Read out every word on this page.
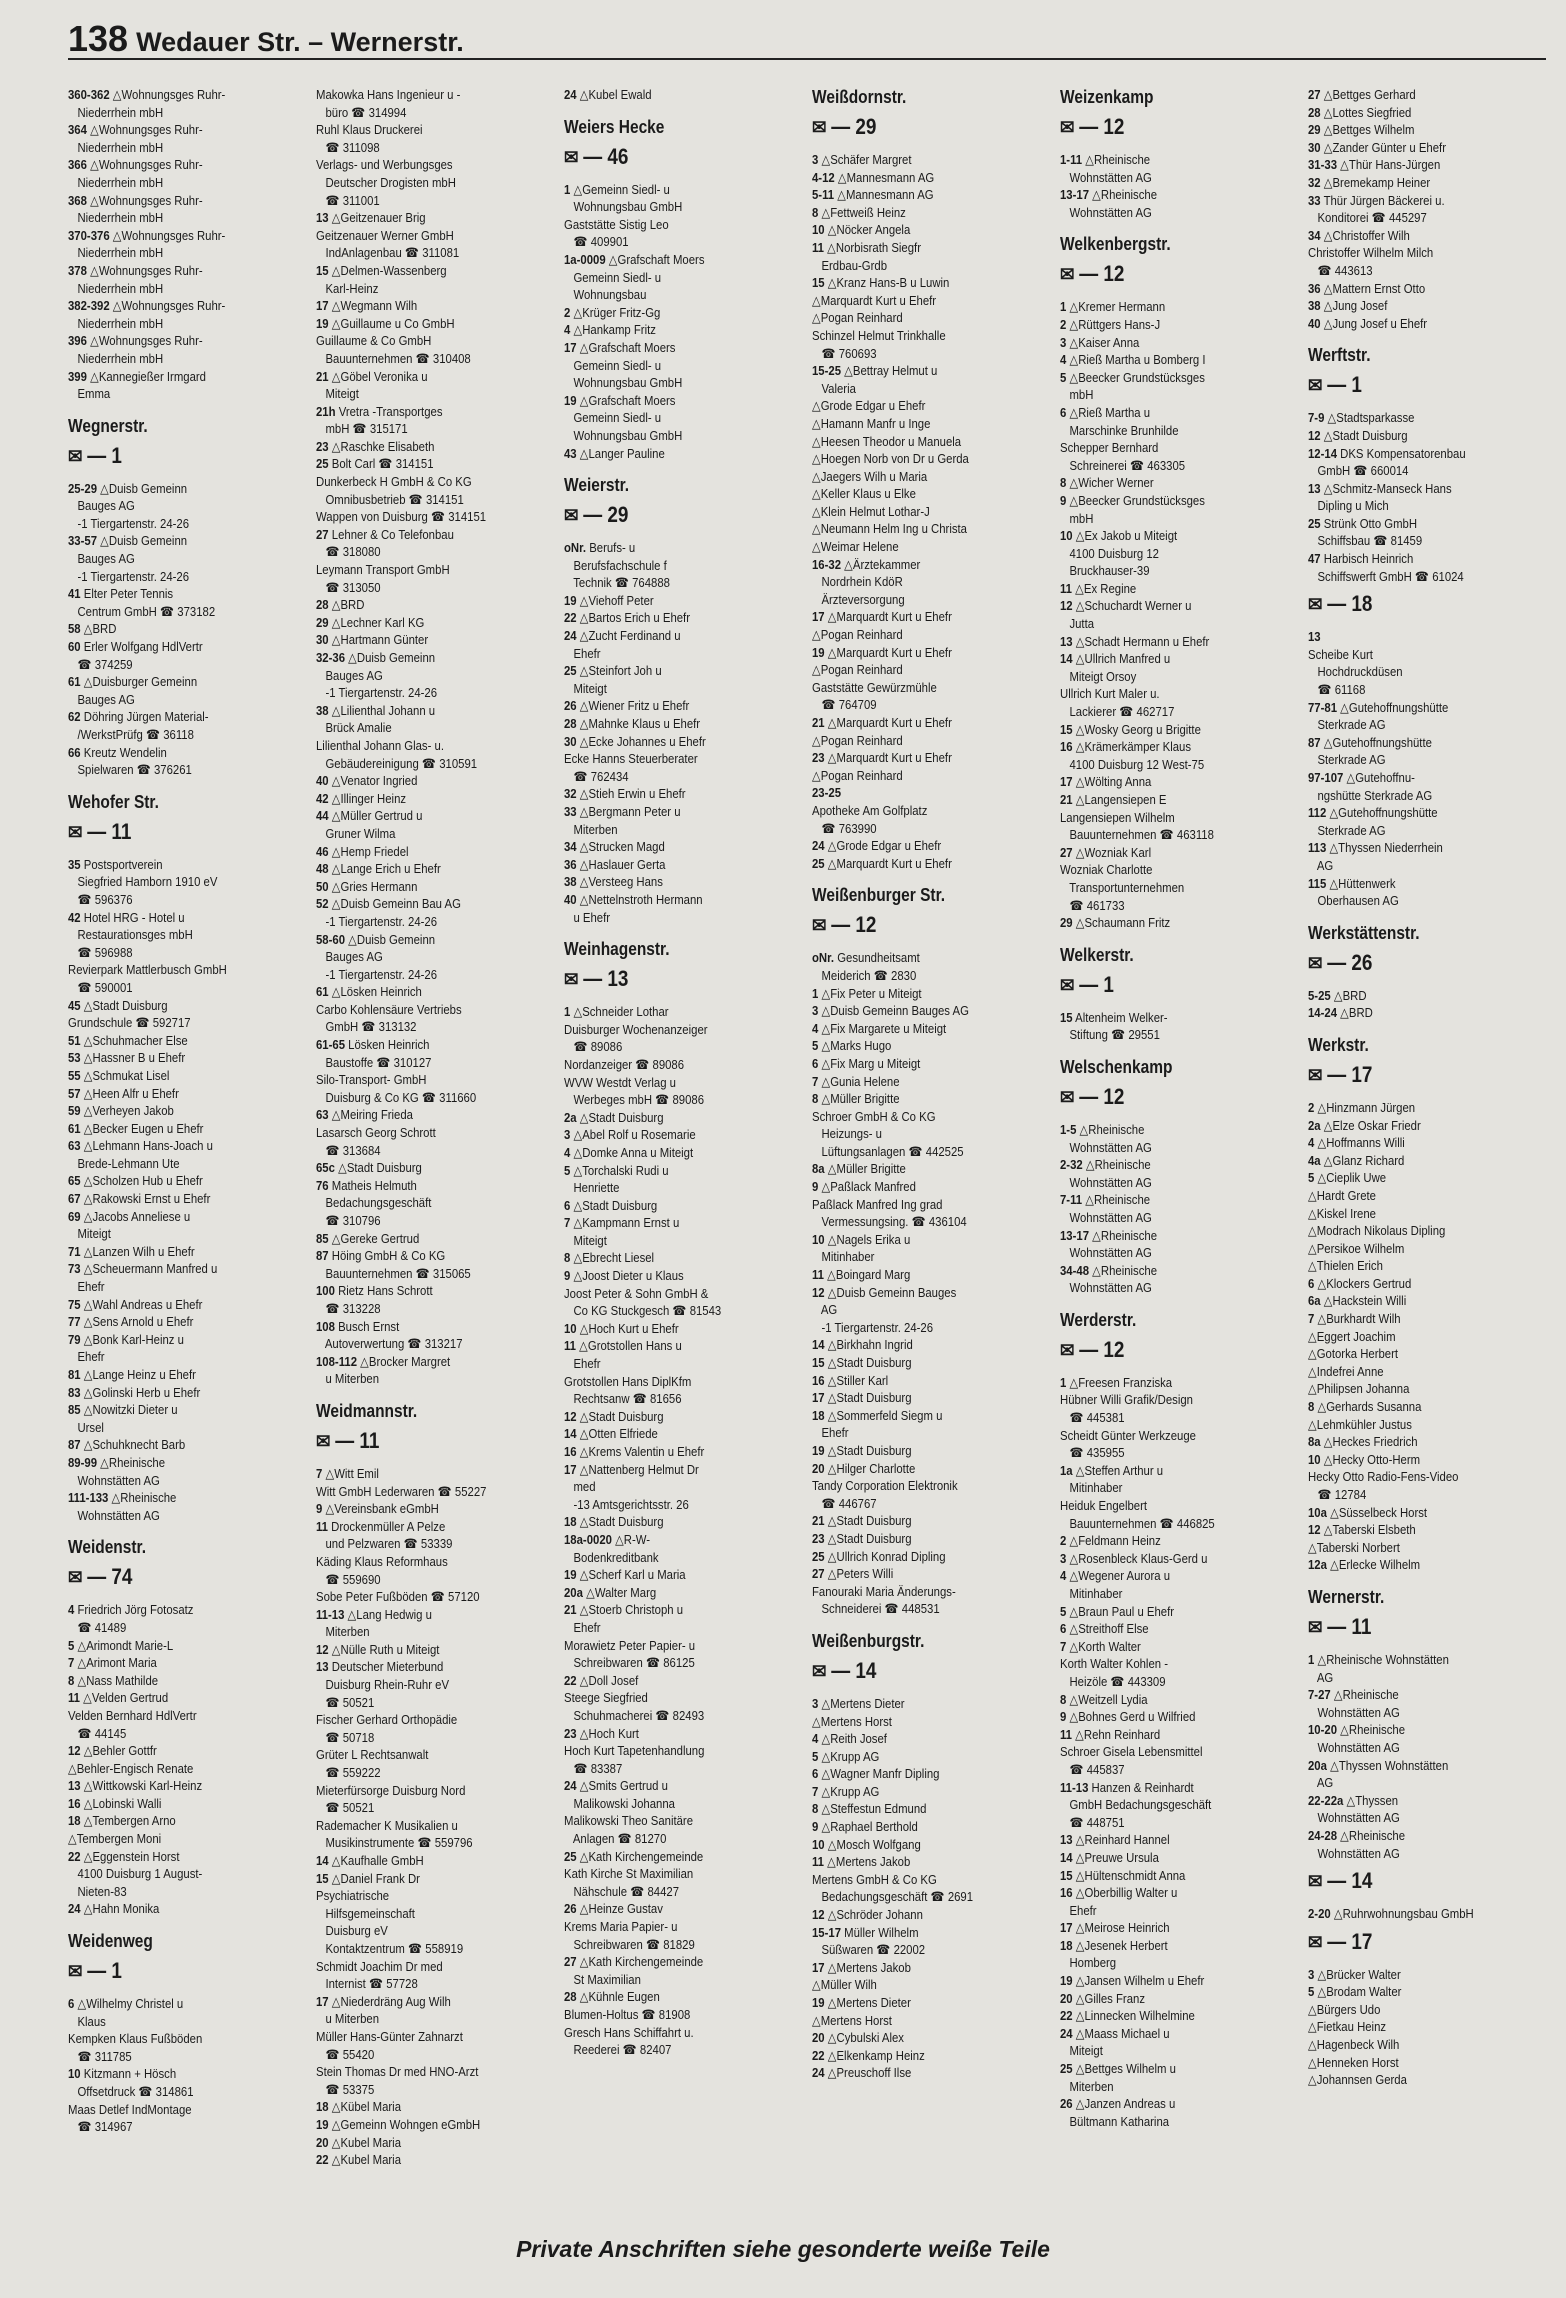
138 Wedauer Str. – Wernerstr.
360-362 △Wohnungsges Ruhr-
Niederrhein mbH
364 △Wohnungsges Ruhr-
Niederrhein mbH
366 △Wohnungsges Ruhr-
Niederrhein mbH
368 △Wohnungsges Ruhr-
Niederrhein mbH
370-376 △Wohnungsges Ruhr-
Niederrhein mbH
378 △Wohnungsges Ruhr-
Niederrhein mbH
382-392 △Wohnungsges Ruhr-
Niederrhein mbH
396 △Wohnungsges Ruhr-
Niederrhein mbH
399 △Kannegießer Irmgard
Emma
Wegnerstr.
✉ — 1
25-29 △Duisb Gemeinn
Bauges AG
-1 Tiergartenstr. 24-26
33-57 △Duisb Gemeinn
Bauges AG
-1 Tiergartenstr. 24-26
41 Elter Peter Tennis
Centrum GmbH ☎ 373182
58 △BRD
60 Erler Wolfgang HdlVertr
☎ 374259
61 △Duisburger Gemeinn
Bauges AG
62 Döhring Jürgen Material-
/WerkstPrüfg ☎ 36118
66 Kreutz Wendelin
Spielwaren ☎ 376261
Wehofer Str.
✉ — 11
35 Postsportverein
Siegfried Hamborn 1910 eV
☎ 596376
42 Hotel HRG - Hotel u
Restaurationsges mbH
☎ 596988
Revierpark Mattlerbusch GmbH
☎ 590001
45 △Stadt Duisburg
Grundschule ☎ 592717
51 △Schuhmacher Else
53 △Hassner B u Ehefr
55 △Schmukat Lisel
57 △Heen Alfr u Ehefr
59 △Verheyen Jakob
61 △Becker Eugen u Ehefr
63 △Lehmann Hans-Joach u
Brede-Lehmann Ute
65 △Scholzen Hub u Ehefr
67 △Rakowski Ernst u Ehefr
69 △Jacobs Anneliese u
Miteigt
71 △Lanzen Wilh u Ehefr
73 △Scheuermann Manfred u
Ehefr
75 △Wahl Andreas u Ehefr
77 △Sens Arnold u Ehefr
79 △Bonk Karl-Heinz u
Ehefr
81 △Lange Heinz u Ehefr
83 △Golinski Herb u Ehefr
85 △Nowitzki Dieter u
Ursel
87 △Schuhknecht Barb
89-99 △Rheinische
Wohnstätten AG
111-133 △Rheinische
Wohnstätten AG
Weidenstr.
✉ — 74
4 Friedrich Jörg Fotosatz
☎ 41489
5 △Arimondt Marie-L
7 △Arimont Maria
8 △Nass Mathilde
11 △Velden Gertrud
Velden Bernhard HdlVertr
☎ 44145
12 △Behler Gottfr
△Behler-Engisch Renate
13 △Wittkowski Karl-Heinz
16 △Lobinski Walli
18 △Tembergen Arno
△Tembergen Moni
22 △Eggenstein Horst
4100 Duisburg 1 August-
Nieten-83
24 △Hahn Monika
Weidenweg
✉ — 1
6 △Wilhelmy Christel u
Klaus
Kempken Klaus Fußböden
☎ 311785
10 Kitzmann + Hösch
Offsetdruck ☎ 314861
Maas Detlef IndMontage
☎ 314967
Makowka Hans Ingenieur u -
büro ☎ 314994
Ruhl Klaus Druckerei
☎ 311098
Verlags- und Werbungsges
Deutscher Drogisten mbH
☎ 311001
13 △Geitzenauer Brig
Geitzenauer Werner GmbH
IndAnlagenbau ☎ 311081
15 △Delmen-Wassenberg
Karl-Heinz
17 △Wegmann Wilh
19 △Guillaume u Co GmbH
Guillaume & Co GmbH
Bauunternehmen ☎ 310408
21 △Göbel Veronika u
Miteigt
21h Vretra -Transportges
mbH ☎ 315171
23 △Raschke Elisabeth
25 Bolt Carl ☎ 314151
Dunkerbeck H GmbH & Co KG
Omnibusbetrieb ☎ 314151
Wappen von Duisburg ☎ 314151
27 Lehner & Co Telefonbau
☎ 318080
Leymann Transport GmbH
☎ 313050
28 △BRD
29 △Lechner Karl KG
30 △Hartmann Günter
32-36 △Duisb Gemeinn
Bauges AG
-1 Tiergartenstr. 24-26
38 △Lilienthal Johann u
Brück Amalie
Lilienthal Johann Glas- u.
Gebäudereinigung ☎ 310591
40 △Venator Ingried
42 △Illinger Heinz
44 △Müller Gertrud u
Gruner Wilma
46 △Hemp Friedel
48 △Lange Erich u Ehefr
50 △Gries Hermann
52 △Duisb Gemeinn Bau AG
-1 Tiergartenstr. 24-26
58-60 △Duisb Gemeinn
Bauges AG
-1 Tiergartenstr. 24-26
61 △Lösken Heinrich
Carbo Kohlensäure Vertriebs
GmbH ☎ 313132
61-65 Lösken Heinrich
Baustoffe ☎ 310127
Silo-Transport- GmbH
Duisburg & Co KG ☎ 311660
63 △Meiring Frieda
Lasarsch Georg Schrott
☎ 313684
65c △Stadt Duisburg
76 Matheis Helmuth
Bedachungsgeschäft
☎ 310796
85 △Gereke Gertrud
87 Höing GmbH & Co KG
Bauunternehmen ☎ 315065
100 Rietz Hans Schrott
☎ 313228
108 Busch Ernst
Autoverwertung ☎ 313217
108-112 △Brocker Margret
u Miterben
Weidmannstr.
✉ — 11
7 △Witt Emil
Witt GmbH Lederwaren ☎ 55227
9 △Vereinsbank eGmbH
11 Drockenmüller A Pelze
und Pelzwaren ☎ 53339
Käding Klaus Reformhaus
☎ 559690
Sobe Peter Fußböden ☎ 57120
11-13 △Lang Hedwig u
Miterben
12 △Nülle Ruth u Miteigt
13 Deutscher Mieterbund
Duisburg Rhein-Ruhr eV
☎ 50521
Fischer Gerhard Orthopädie
☎ 50718
Grüter L Rechtsanwalt
☎ 559222
Mieterfürsorge Duisburg Nord
☎ 50521
Rademacher K Musikalien u
Musikinstrumente ☎ 559796
14 △Kaufhalle GmbH
15 △Daniel Frank Dr
Psychiatrische
Hilfsgemeinschaft
Duisburg eV
Kontaktzentrum ☎ 558919
Schmidt Joachim Dr med
Internist ☎ 57728
17 △Niederdräng Aug Wilh
u Miterben
Müller Hans-Günter Zahnarzt
☎ 55420
Stein Thomas Dr med HNO-Arzt
☎ 53375
18 △Kübel Maria
19 △Gemeinn Wohngen eGmbH
20 △Kubel Maria
22 △Kubel Maria
24 △Kubel Ewald
Weiers Hecke
✉ — 46
1 △Gemeinn Siedl- u
Wohnungsbau GmbH
Gaststätte Sistig Leo
☎ 409901
1a-0009 △Grafschaft Moers
Gemeinn Siedl- u
Wohnungsbau
2 △Krüger Fritz-Gg
4 △Hankamp Fritz
17 △Grafschaft Moers
Gemeinn Siedl- u
Wohnungsbau GmbH
19 △Grafschaft Moers
Gemeinn Siedl- u
Wohnungsbau GmbH
43 △Langer Pauline
Weierstr.
✉ — 29
oNr. Berufs- u
Berufsfachschule f
Technik ☎ 764888
19 △Viehoff Peter
22 △Bartos Erich u Ehefr
24 △Zucht Ferdinand u
Ehefr
25 △Steinfort Joh u
Miteigt
26 △Wiener Fritz u Ehefr
28 △Mahnke Klaus u Ehefr
30 △Ecke Johannes u Ehefr
Ecke Hanns Steuerberater
☎ 762434
32 △Stieh Erwin u Ehefr
33 △Bergmann Peter u
Miterben
34 △Strucken Magd
36 △Haslauer Gerta
38 △Versteeg Hans
40 △Nettelnstroth Hermann
u Ehefr
Weinhagenstr.
✉ — 13
1 △Schneider Lothar
Duisburger Wochenanzeiger
☎ 89086
Nordanzeiger ☎ 89086
WVW Westdt Verlag u
Werbeges mbH ☎ 89086
2a △Stadt Duisburg
3 △Abel Rolf u Rosemarie
4 △Domke Anna u Miteigt
5 △Torchalski Rudi u
Henriette
6 △Stadt Duisburg
7 △Kampmann Ernst u
Miteigt
8 △Ebrecht Liesel
9 △Joost Dieter u Klaus
Joost Peter & Sohn GmbH &
Co KG Stuckgesch ☎ 81543
10 △Hoch Kurt u Ehefr
11 △Grotstollen Hans u
Ehefr
Grotstollen Hans DiplKfm
Rechtsanw ☎ 81656
12 △Stadt Duisburg
14 △Otten Elfriede
16 △Krems Valentin u Ehefr
17 △Nattenberg Helmut Dr
med
-13 Amtsgerichtsstr. 26
18 △Stadt Duisburg
18a-0020 △R-W-
Bodenkreditbank
19 △Scherf Karl u Maria
20a △Walter Marg
21 △Stoerb Christoph u
Ehefr
Morawietz Peter Papier- u
Schreibwaren ☎ 86125
22 △Doll Josef
Steege Siegfried
Schuhmacherei ☎ 82493
23 △Hoch Kurt
Hoch Kurt Tapetenhandlung
☎ 83387
24 △Smits Gertrud u
Malikowski Johanna
Malikowski Theo Sanitäre
Anlagen ☎ 81270
25 △Kath Kirchengemeinde
Kath Kirche St Maximilian
Nähschule ☎ 84427
26 △Heinze Gustav
Krems Maria Papier- u
Schreibwaren ☎ 81829
27 △Kath Kirchengemeinde
St Maximilian
28 △Kühnle Eugen
Blumen-Holtus ☎ 81908
Gresch Hans Schiffahrt u.
Reederei ☎ 82407
Weißdornstr.
✉ — 29
3 △Schäfer Margret
4-12 △Mannesmann AG
5-11 △Mannesmann AG
8 △Fettweiß Heinz
10 △Nöcker Angela
11 △Norbisrath Siegfr
Erdbau-Grdb
15 △Kranz Hans-B u Luwin
△Marquardt Kurt u Ehefr
△Pogan Reinhard
Schinzel Helmut Trinkhalle
☎ 760693
15-25 △Bettray Helmut u
Valeria
△Grode Edgar u Ehefr
△Hamann Manfr u Inge
△Heesen Theodor u Manuela
△Hoegen Norb von Dr u Gerda
△Jaegers Wilh u Maria
△Keller Klaus u Elke
△Klein Helmut Lothar-J
△Neumann Helm Ing u Christa
△Weimar Helene
16-32 △Ärztekammer
Nordrhein KdöR
Ärzteversorgung
17 △Marquardt Kurt u Ehefr
△Pogan Reinhard
19 △Marquardt Kurt u Ehefr
△Pogan Reinhard
Gaststätte Gewürzmühle
☎ 764709
21 △Marquardt Kurt u Ehefr
△Pogan Reinhard
23 △Marquardt Kurt u Ehefr
△Pogan Reinhard
23-25
Apotheke Am Golfplatz
☎ 763990
24 △Grode Edgar u Ehefr
25 △Marquardt Kurt u Ehefr
Weißenburger Str.
✉ — 12
oNr. Gesundheitsamt
Meiderich ☎ 2830
1 △Fix Peter u Miteigt
3 △Duisb Gemeinn Bauges AG
4 △Fix Margarete u Miteigt
5 △Marks Hugo
6 △Fix Marg u Miteigt
7 △Gunia Helene
8 △Müller Brigitte
Schroer GmbH & Co KG
Heizungs- u
Lüftungsanlagen ☎ 442525
8a △Müller Brigitte
9 △Paßlack Manfred
Paßlack Manfred Ing grad
Vermessungsing. ☎ 436104
10 △Nagels Erika u
Mitinhaber
11 △Boingard Marg
12 △Duisb Gemeinn Bauges
AG
-1 Tiergartenstr. 24-26
14 △Birkhahn Ingrid
15 △Stadt Duisburg
16 △Stiller Karl
17 △Stadt Duisburg
18 △Sommerfeld Siegm u
Ehefr
19 △Stadt Duisburg
20 △Hilger Charlotte
Tandy Corporation Elektronik
☎ 446767
21 △Stadt Duisburg
23 △Stadt Duisburg
25 △Ullrich Konrad Dipling
27 △Peters Willi
Fanouraki Maria Änderungs-
Schneiderei ☎ 448531
Weißenburgstr.
✉ — 14
3 △Mertens Dieter
△Mertens Horst
4 △Reith Josef
5 △Krupp AG
6 △Wagner Manfr Dipling
7 △Krupp AG
8 △Steffestun Edmund
9 △Raphael Berthold
10 △Mosch Wolfgang
11 △Mertens Jakob
Mertens GmbH & Co KG
Bedachungsgeschäft ☎ 2691
12 △Schröder Johann
15-17 Müller Wilhelm
Süßwaren ☎ 22002
17 △Mertens Jakob
△Müller Wilh
19 △Mertens Dieter
△Mertens Horst
20 △Cybulski Alex
22 △Elkenkamp Heinz
24 △Preuschoff Ilse
Weizenkamp
✉ — 12
1-11 △Rheinische
Wohnstätten AG
13-17 △Rheinische
Wohnstätten AG
Welkenbergstr.
✉ — 12
1 △Kremer Hermann
2 △Rüttgers Hans-J
3 △Kaiser Anna
4 △Rieß Martha u Bomberg I
5 △Beecker Grundstücksges
mbH
6 △Rieß Martha u
Marschinke Brunhilde
Schepper Bernhard
Schreinerei ☎ 463305
8 △Wicher Werner
9 △Beecker Grundstücksges
mbH
10 △Ex Jakob u Miteigt
4100 Duisburg 12
Bruckhauser-39
11 △Ex Regine
12 △Schuchardt Werner u
Jutta
13 △Schadt Hermann u Ehefr
14 △Ullrich Manfred u
Miteigt Orsoy
Ullrich Kurt Maler u.
Lackierer ☎ 462717
15 △Wosky Georg u Brigitte
16 △Krämerkämper Klaus
4100 Duisburg 12 West-75
17 △Wölting Anna
21 △Langensiepen E
Langensiepen Wilhelm
Bauunternehmen ☎ 463118
27 △Wozniak Karl
Wozniak Charlotte
Transportunternehmen
☎ 461733
29 △Schaumann Fritz
Welkerstr.
✉ — 1
15 Altenheim Welker-
Stiftung ☎ 29551
Welschenkamp
✉ — 12
1-5 △Rheinische
Wohnstätten AG
2-32 △Rheinische
Wohnstätten AG
7-11 △Rheinische
Wohnstätten AG
13-17 △Rheinische
Wohnstätten AG
34-48 △Rheinische
Wohnstätten AG
Werderstr.
✉ — 12
1 △Freesen Franziska
Hübner Willi Grafik/Design
☎ 445381
Scheidt Günter Werkzeuge
☎ 435955
1a △Steffen Arthur u
Mitinhaber
Heiduk Engelbert
Bauunternehmen ☎ 446825
2 △Feldmann Heinz
3 △Rosenbleck Klaus-Gerd u
4 △Wegener Aurora u
Mitinhaber
5 △Braun Paul u Ehefr
6 △Streithoff Else
7 △Korth Walter
Korth Walter Kohlen -
Heizöle ☎ 443309
8 △Weitzell Lydia
9 △Bohnes Gerd u Wilfried
11 △Rehn Reinhard
Schroer Gisela Lebensmittel
☎ 445837
11-13 Hanzen & Reinhardt
GmbH Bedachungsgeschäft
☎ 448751
13 △Reinhard Hannel
14 △Preuwe Ursula
15 △Hültenschmidt Anna
16 △Oberbillig Walter u
Ehefr
17 △Meirose Heinrich
18 △Jesenek Herbert
Homberg
19 △Jansen Wilhelm u Ehefr
20 △Gilles Franz
22 △Linnecken Wilhelmine
24 △Maass Michael u
Miteigt
25 △Bettges Wilhelm u
Miterben
26 △Janzen Andreas u
Bültmann Katharina
27 △Bettges Gerhard
28 △Lottes Siegfried
29 △Bettges Wilhelm
30 △Zander Günter u Ehefr
31-33 △Thür Hans-Jürgen
32 △Bremekamp Heiner
33 Thür Jürgen Bäckerei u.
Konditorei ☎ 445297
34 △Christoffer Wilh
Christoffer Wilhelm Milch
☎ 443613
36 △Mattern Ernst Otto
38 △Jung Josef
40 △Jung Josef u Ehefr
Werftstr.
✉ — 1
7-9 △Stadtsparkasse
12 △Stadt Duisburg
12-14 DKS Kompensatorenbau
GmbH ☎ 660014
13 △Schmitz-Manseck Hans
Dipling u Mich
25 Strünk Otto GmbH
Schiffsbau ☎ 81459
47 Harbisch Heinrich
Schiffswerft GmbH ☎ 61024
✉ — 18
13
Scheibe Kurt
Hochdruckdüsen
☎ 61168
77-81 △Gutehoffnungshütte
Sterkrade AG
87 △Gutehoffnungshütte
Sterkrade AG
97-107 △Gutehoffnu-
ngshütte Sterkrade AG
112 △Gutehoffnungshütte
Sterkrade AG
113 △Thyssen Niederrhein
AG
115 △Hüttenwerk
Oberhausen AG
Werkstättenstr.
✉ — 26
5-25 △BRD
14-24 △BRD
Werkstr.
✉ — 17
2 △Hinzmann Jürgen
2a △Elze Oskar Friedr
4 △Hoffmanns Willi
4a △Glanz Richard
5 △Cieplik Uwe
△Hardt Grete
△Kiskel Irene
△Modrach Nikolaus Dipling
△Persikoe Wilhelm
△Thielen Erich
6 △Klockers Gertrud
6a △Hackstein Willi
7 △Burkhardt Wilh
△Eggert Joachim
△Gotorka Herbert
△Indefrei Anne
△Philipsen Johanna
8 △Gerhards Susanna
△Lehmkühler Justus
8a △Heckes Friedrich
10 △Hecky Otto-Herm
Hecky Otto Radio-Fens-Video
☎ 12784
10a △Süsselbeck Horst
12 △Taberski Elsbeth
△Taberski Norbert
12a △Erlecke Wilhelm
Wernerstr.
✉ — 11
1 △Rheinische Wohnstätten
AG
7-27 △Rheinische
Wohnstätten AG
10-20 △Rheinische
Wohnstätten AG
20a △Thyssen Wohnstätten
AG
22-22a △Thyssen
Wohnstätten AG
24-28 △Rheinische
Wohnstätten AG
✉ — 14
2-20 △Ruhrwohnungsbau GmbH
✉ — 17
3 △Brücker Walter
5 △Brodam Walter
△Bürgers Udo
△Fietkau Heinz
△Hagenbeck Wilh
△Henneken Horst
△Johannsen Gerda
Private Anschriften siehe gesonderte weiße Teile
